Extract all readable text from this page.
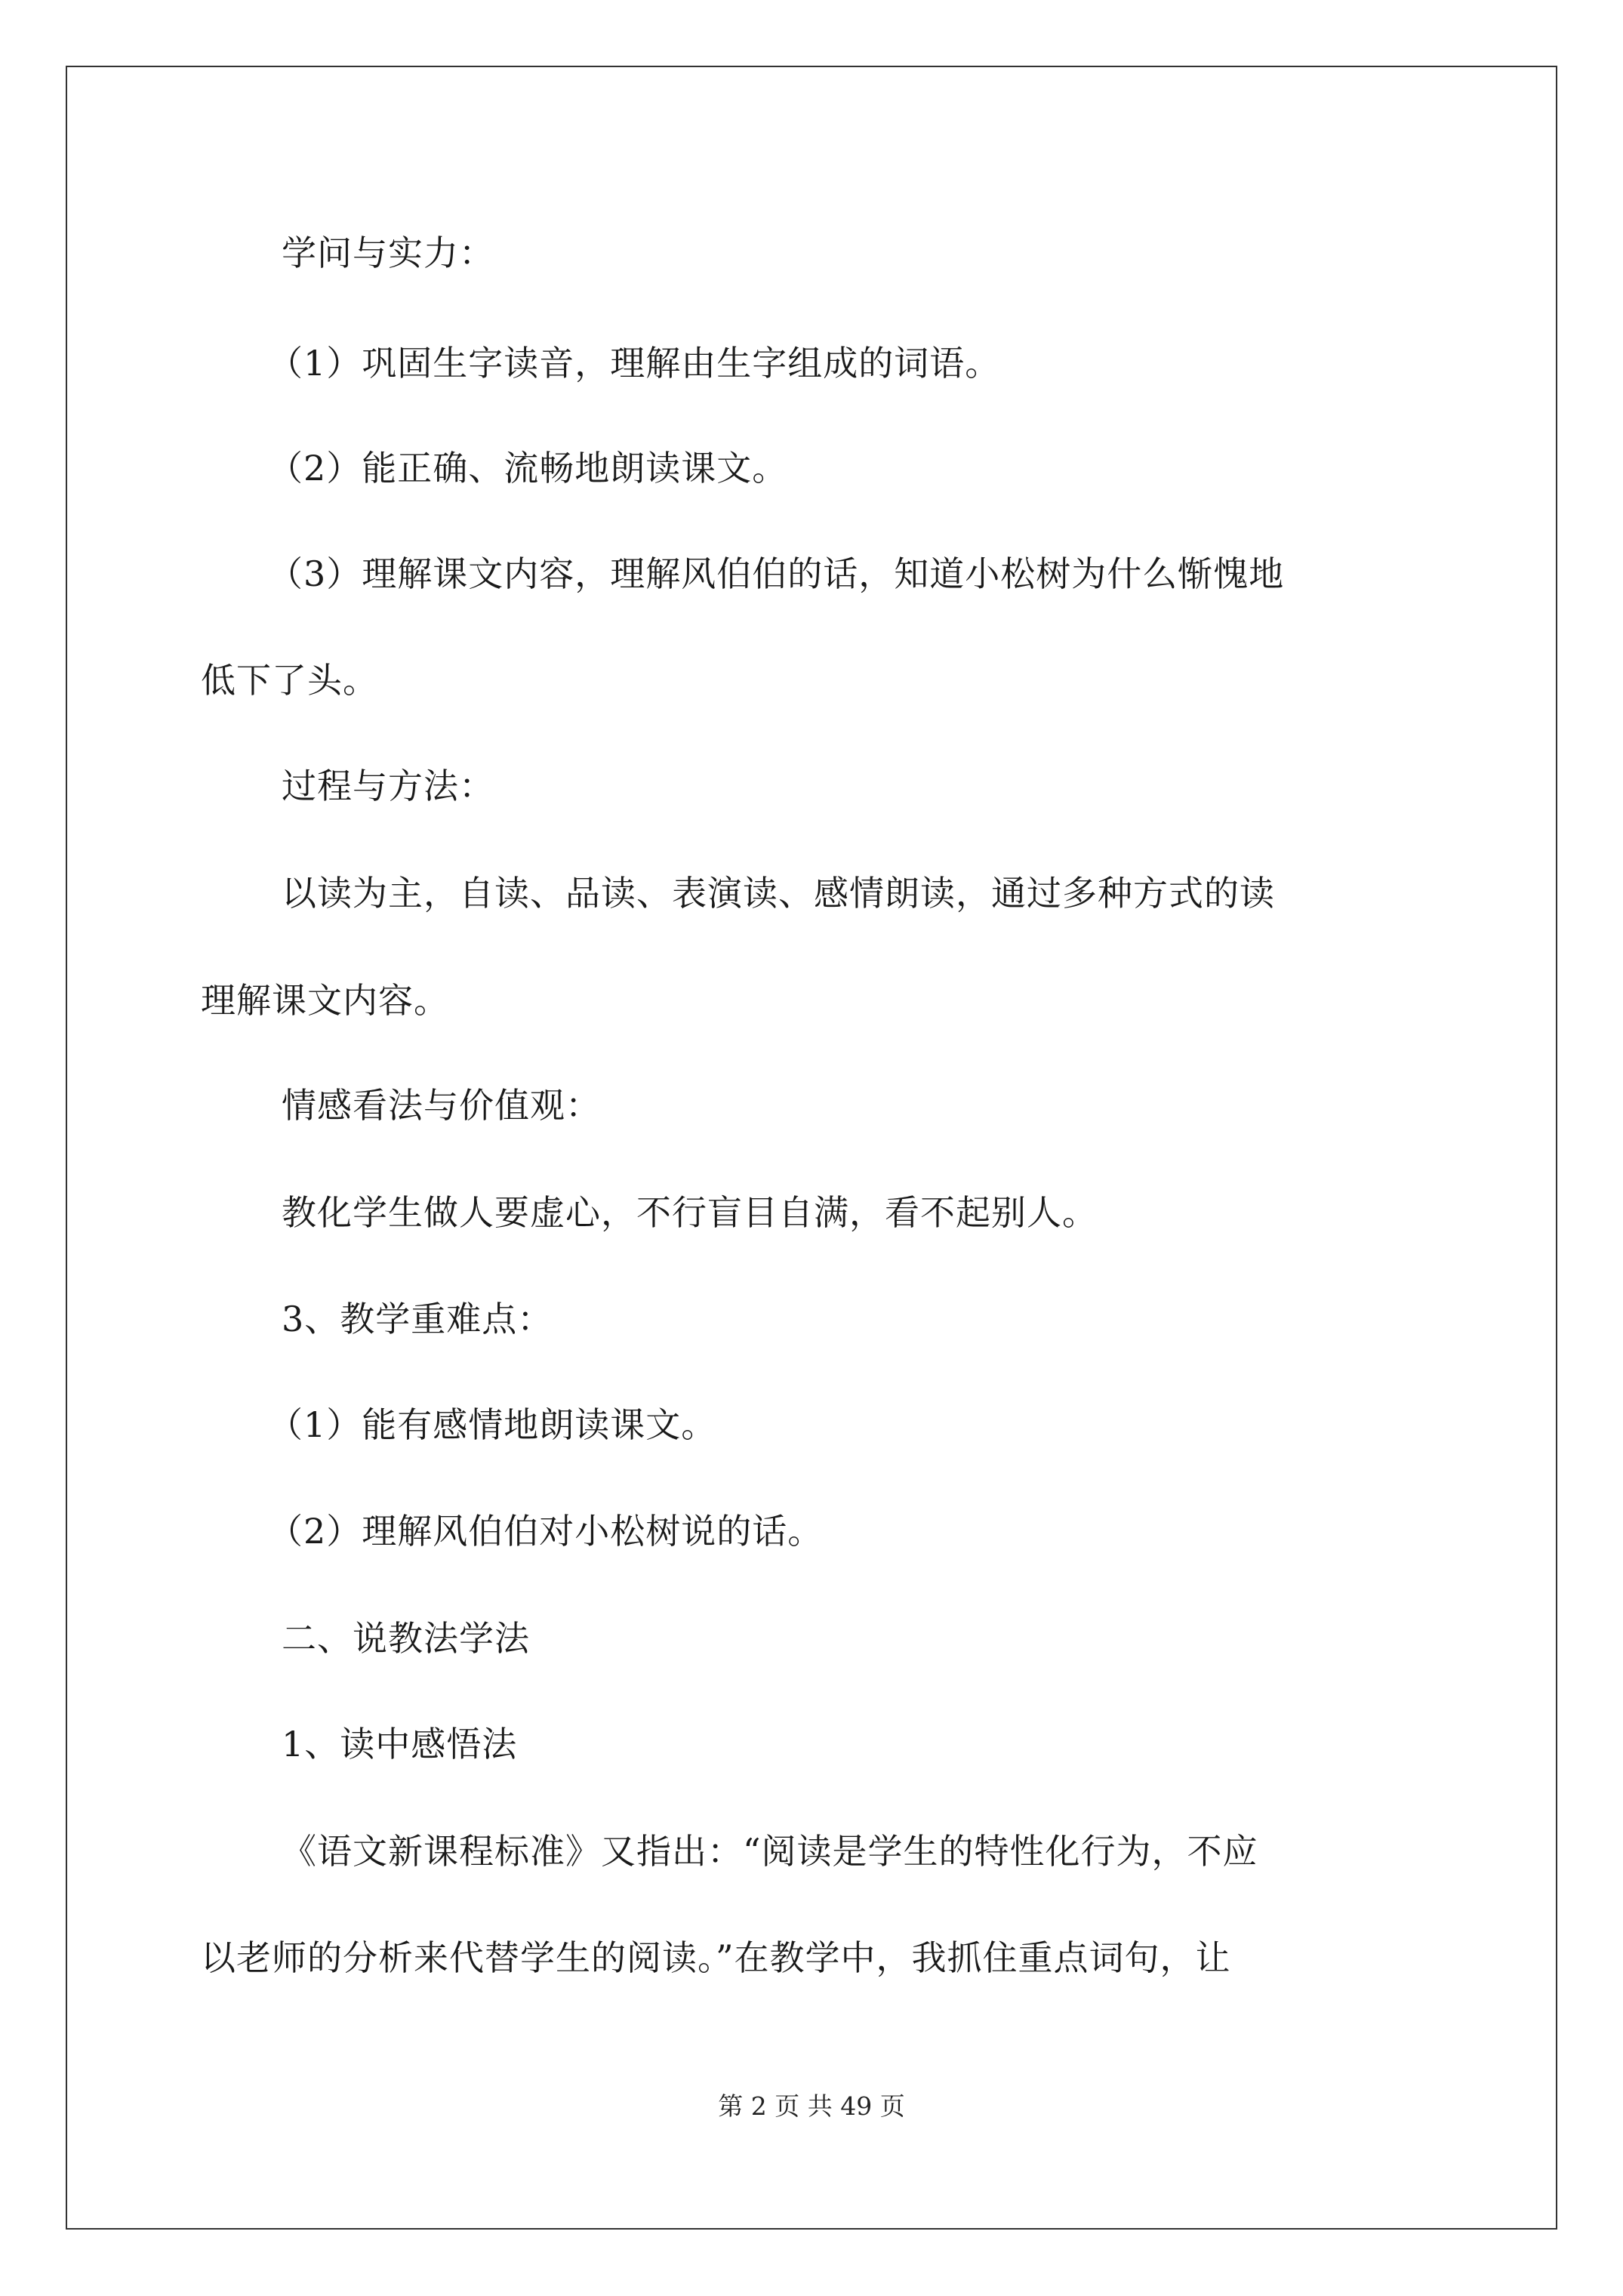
学问与实力：
（1）巩固生字读音，理解由生字组成的词语。
（2）能正确、流畅地朗读课文。
（3）理解课文内容，理解风伯伯的话，知道小松树为什么惭愧地
低下了头。
过程与方法：
以读为主，自读、品读、表演读、感情朗读，通过多种方式的读
理解课文内容。
情感看法与价值观：
教化学生做人要虚心，不行盲目自满，看不起别人。
3、教学重难点：
（1）能有感情地朗读课文。
（2）理解风伯伯对小松树说的话。
二、说教法学法
1、读中感悟法
《语文新课程标准》又指出：“阅读是学生的特性化行为，不应
以老师的分析来代替学生的阅读。”在教学中，我抓住重点词句，让
第 2 页 共 49 页
